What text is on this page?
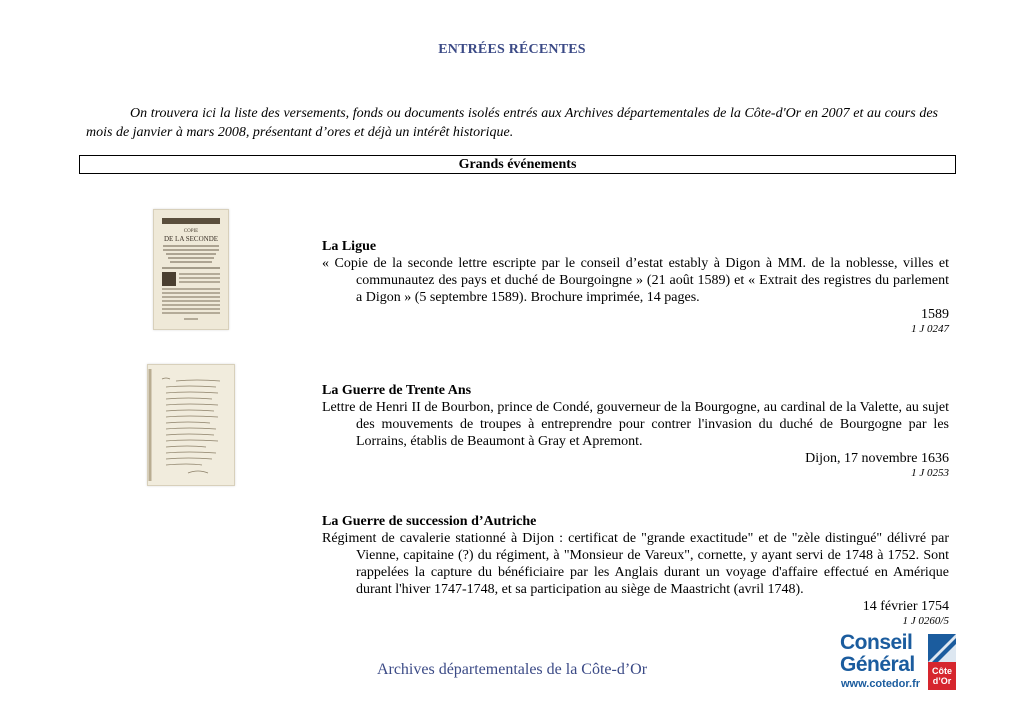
ENTRÉES RÉCENTES

On trouvera ici la liste des versements, fonds ou documents isolés entrés aux Archives départementales de la Côte-d'Or en 2007 et au cours des mois de janvier à mars 2008, présentant d’ores et déjà un intérêt historique.

Grands événements
COPIE
DE LA SECONDE	La Ligue

« Copie de la seconde lettre escripte par le conseil d’estat estably à Digon à MM. de la noblesse, villes et communautez des pays et duché de Bourgoingne » (21 août 1589) et « Extrait des registres du parlement a Digon » (5 septembre 1589). Brochure imprimée, 14 pages.

1589

1 J 0247

La Guerre de Trente Ans

Lettre de Henri II de Bourbon, prince de Condé, gouverneur de la Bourgogne, au cardinal de la Valette, au sujet des mouvements de troupes à entreprendre pour contrer l'invasion du duché de Bourgogne par les Lorrains, établis de Beaumont à Gray et Apremont.

Dijon, 17 novembre 1636

1 J 0253

La Guerre de succession d’Autriche

Régiment de cavalerie stationné à Dijon : certificat de "grande exactitude" et de "zèle distingué" délivré par Vienne, capitaine (?) du régiment, à "Monsieur de Vareux", cornette, y ayant servi de 1748 à 1752. Sont rappelées la capture du bénéficiaire par les Anglais durant un voyage d'affaire effectué en Amérique durant l'hiver 1747-1748, et sa participation au siège de Maastricht (avril 1748).

14 février 1754

1 J 0260/5

Archives départementales de la Côte-d’Or
Conseil
Général
www.cotedor.fr
Côte
d’Or
